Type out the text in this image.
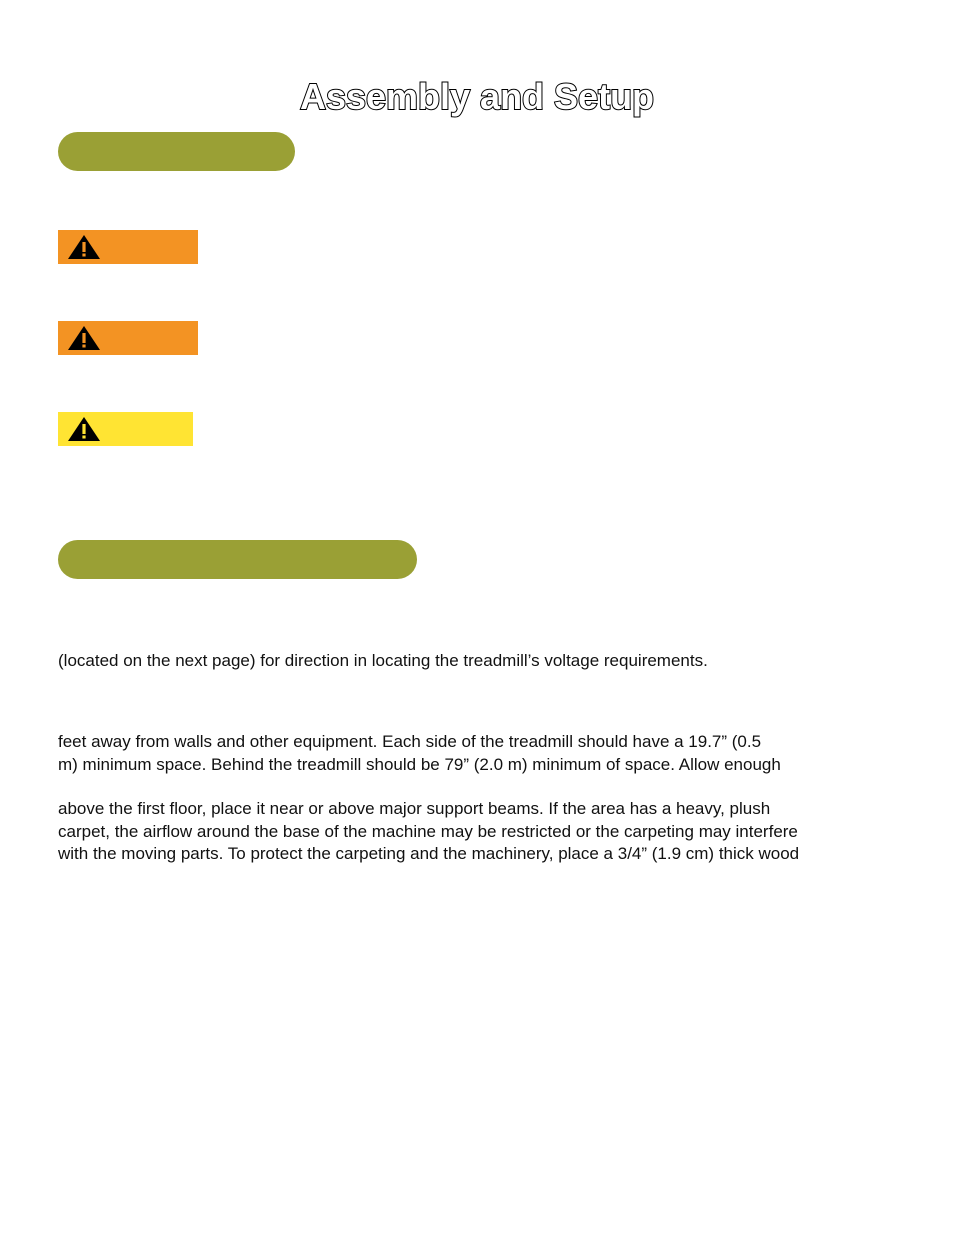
Assembly and Setup
(located on the next page) for direction in locating the treadmill’s voltage requirements.
feet away from walls and other equipment. Each side of the treadmill should have a 19.7” (0.5
m) minimum space. Behind the treadmill should be 79” (2.0 m) minimum of space. Allow enough
above the first floor, place it near or above major support beams. If the area has a heavy, plush
carpet, the airflow around the base of the machine may be restricted or the carpeting may interfere
with the moving parts. To protect the carpeting and the machinery, place a 3/4” (1.9 cm) thick wood
